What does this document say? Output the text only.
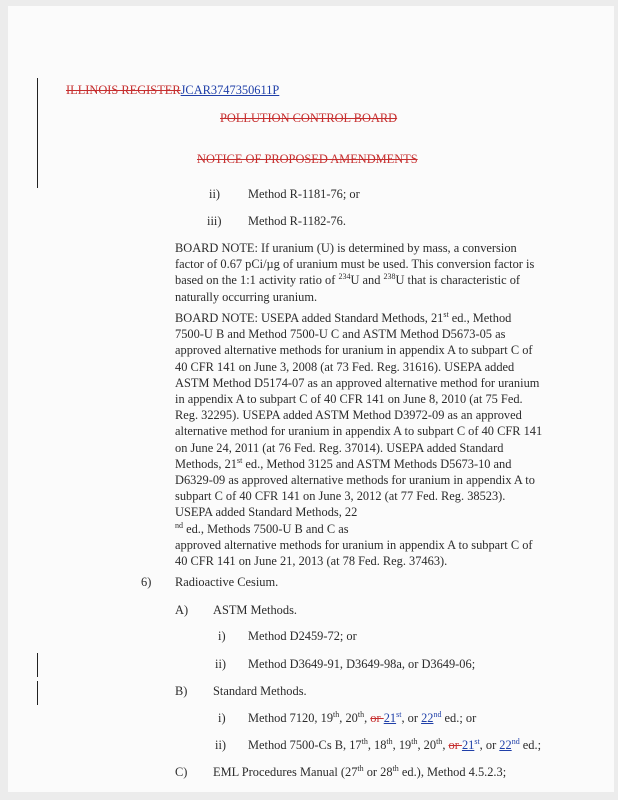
ILLINOIS REGISTERJCAR3747350611P
POLLUTION CONTROL BOARD
NOTICE OF PROPOSED AMENDMENTS
ii) Method R-1181-76; or
iii) Method R-1182-76.
BOARD NOTE: If uranium (U) is determined by mass, a conversion
factor of 0.67 pCi/µg of uranium must be used. This conversion factor is
based on the 1:1 activity ratio of $^{234}$U and $^{238}$U that is characteristic of
naturally occurring uranium.
BOARD NOTE: USEPA added Standard Methods, 21st ed., Method
7500-U B and Method 7500-U C and ASTM Method D5673-05 as
approved alternative methods for uranium in appendix A to subpart C of
40 CFR 141 on June 3, 2008 (at 73 Fed. Reg. 31616). USEPA added
ASTM Method D5174-07 as an approved alternative method for uranium
in appendix A to subpart C of 40 CFR 141 on June 8, 2010 (at 75 Fed.
Reg. 32295). USEPA added ASTM Method D3972-09 as an approved
alternative method for uranium in appendix A to subpart C of 40 CFR 141
on June 24, 2011 (at 76 Fed. Reg. 37014). USEPA added Standard
Methods, 21st ed., Method 3125 and ASTM Methods D5673-10 and
D6329-09 as approved alternative methods for uranium in appendix A to
subpart C of 40 CFR 141 on June 3, 2012 (at 77 Fed. Reg. 38523).
USEPA added Standard Methods, 22
$^{nd}$ ed., Methods 7500-U B and C as
approved alternative methods for uranium in appendix A to subpart C of
40 CFR 141 on June 21, 2013 (at 78 Fed. Reg. 37463).
6) Radioactive Cesium.
A) ASTM Methods.
i) Method D2459-72; or
ii) Method D3649-91, D3649-98a, or D3649-06;
B) Standard Methods.
i) Method 7120, 19th, 20th, or 21st, or 22nd ed.; or
ii) Method 7500-Cs B, 17th, 18th, 19th, 20th, or 21st, or 22nd ed.;
C) EML Procedures Manual (27th or 28th ed.), Method 4.5.2.3;
